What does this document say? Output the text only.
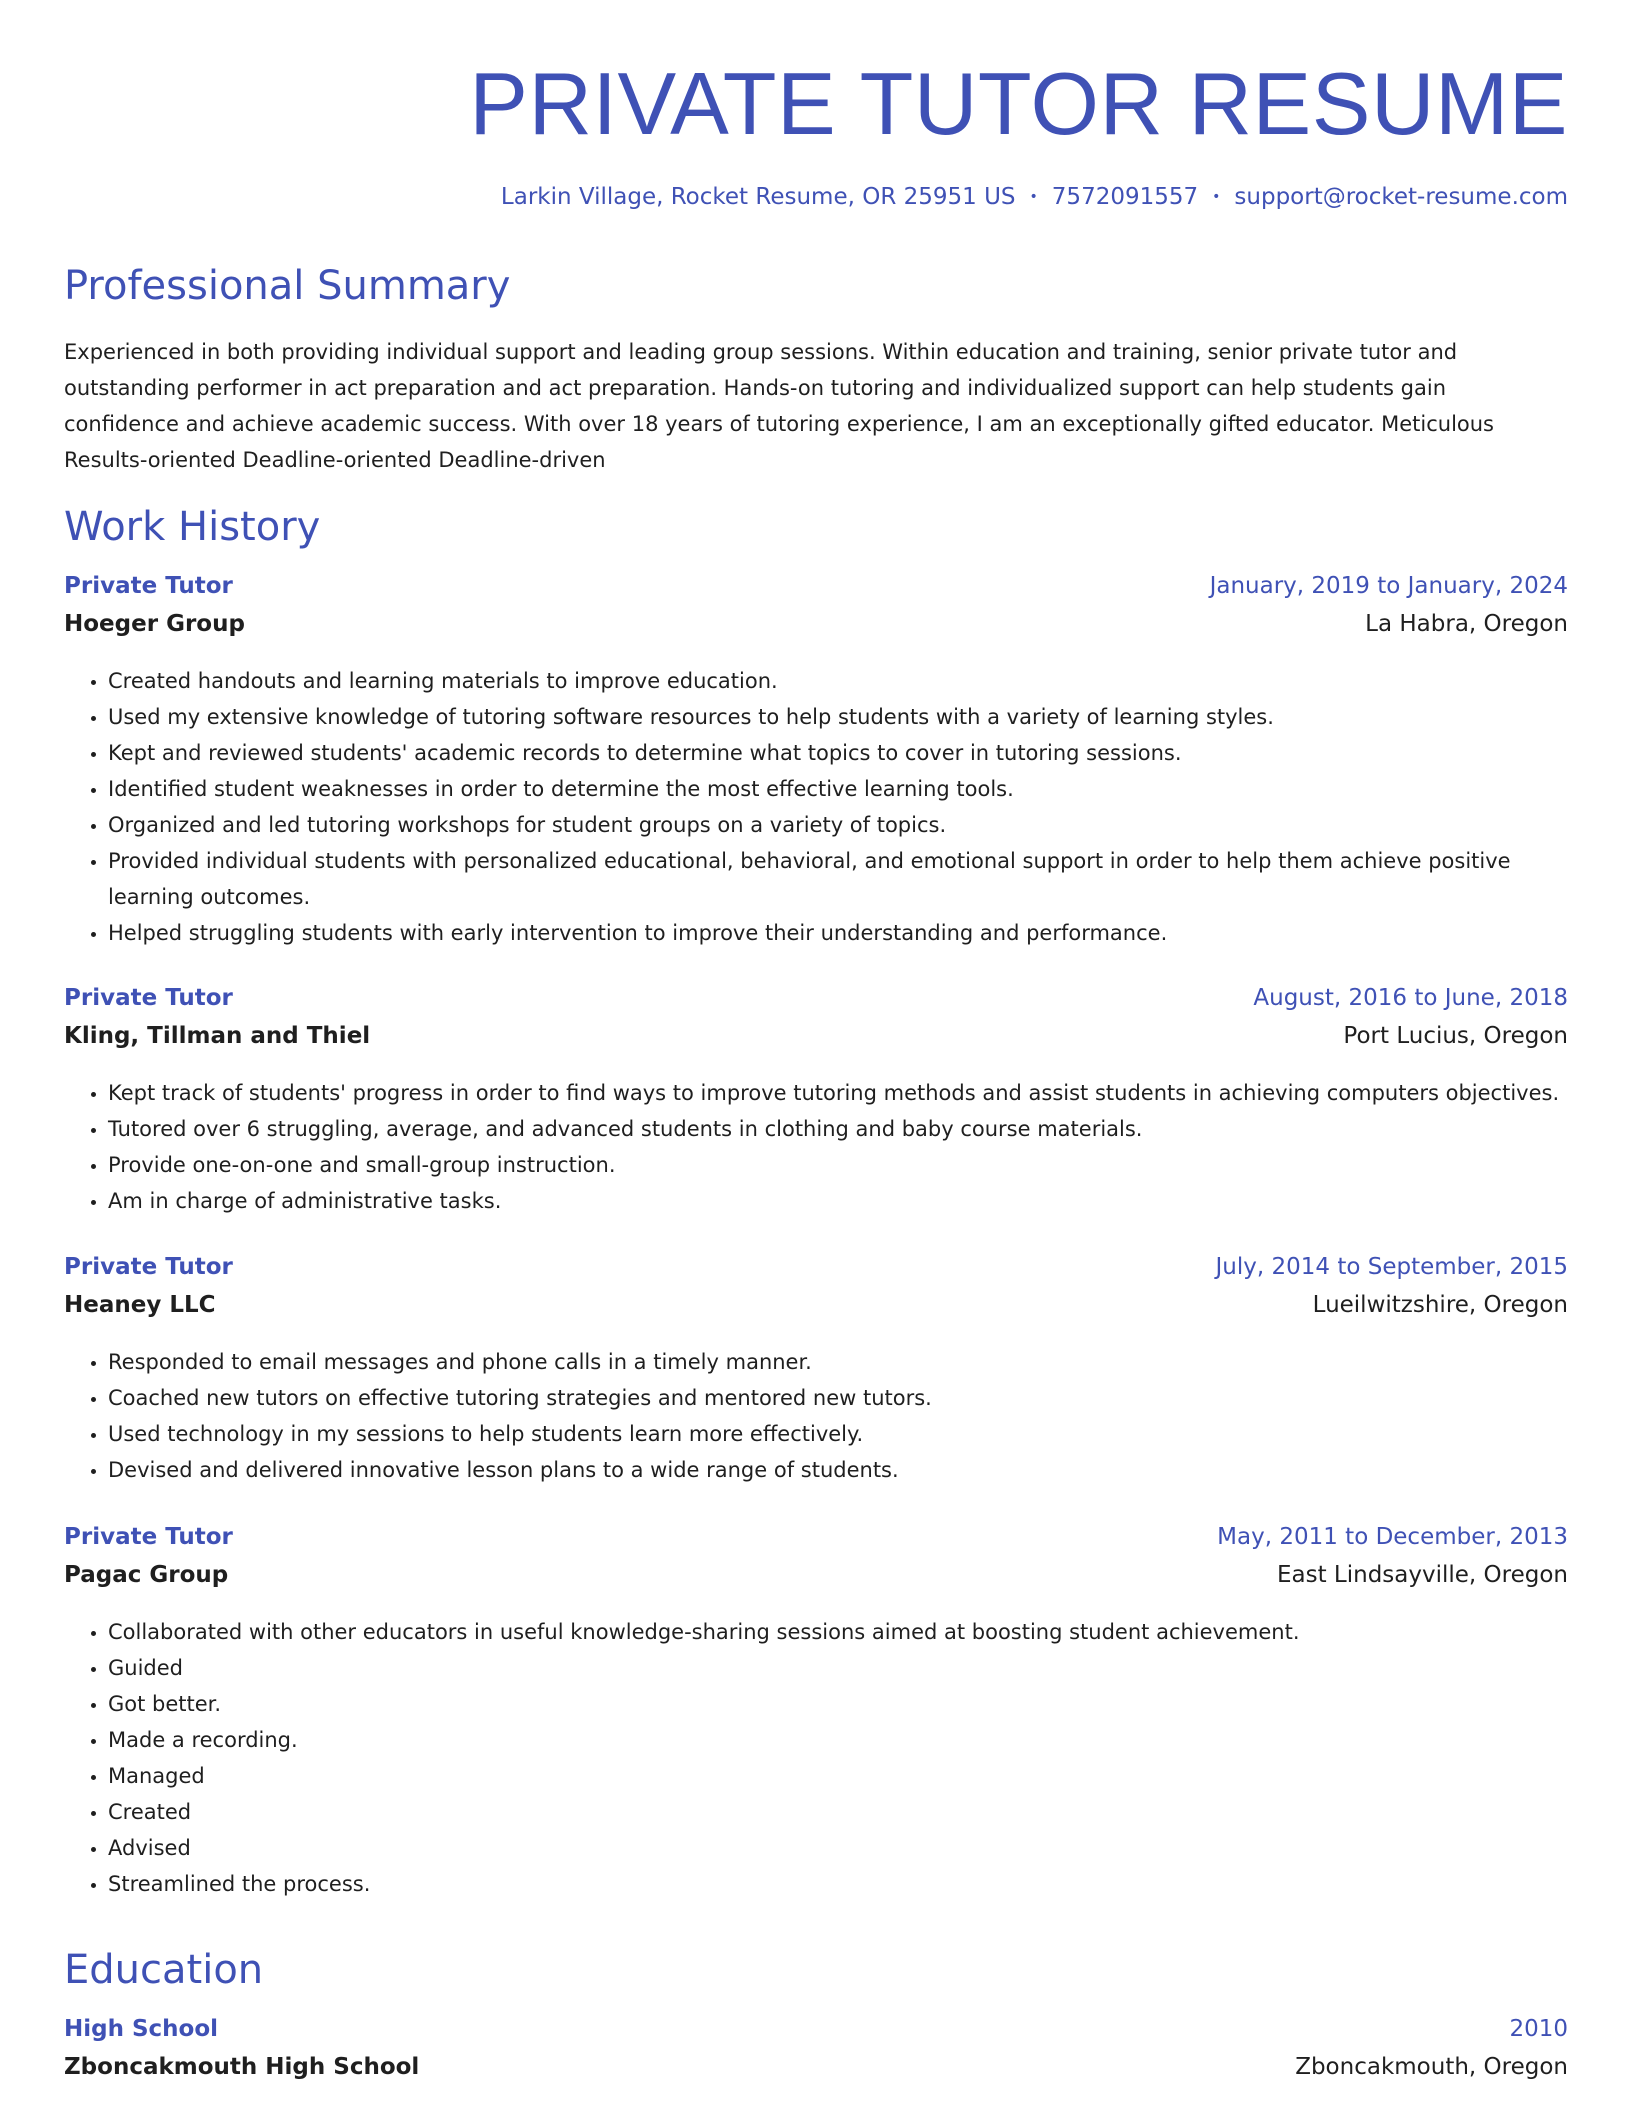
PRIVATE TUTOR RESUME
Larkin Village, Rocket Resume, OR 25951 US • 7572091557 • support@rocket-resume.com
Professional Summary

Experienced in both providing individual support and leading group sessions. Within education and training, senior private tutor and outstanding performer in act preparation and act preparation. Hands-on tutoring and individualized support can help students gain confidence and achieve academic success. With over 18 years of tutoring experience, I am an exceptionally gifted educator. Meticulous Results-oriented Deadline-oriented Deadline-driven

Work History
Private Tutor	January, 2019 to January, 2024
Hoeger Group	La Habra, Oregon
• Created handouts and learning materials to improve education.
• Used my extensive knowledge of tutoring software resources to help students with a variety of learning styles.
• Kept and reviewed students' academic records to determine what topics to cover in tutoring sessions.
• Identified student weaknesses in order to determine the most effective learning tools.
• Organized and led tutoring workshops for student groups on a variety of topics.
• Provided individual students with personalized educational, behavioral, and emotional support in order to help them achieve positive learning outcomes.
• Helped struggling students with early intervention to improve their understanding and performance.
Private Tutor	August, 2016 to June, 2018
Kling, Tillman and Thiel	Port Lucius, Oregon
• Kept track of students' progress in order to find ways to improve tutoring methods and assist students in achieving computers objectives.
• Tutored over 6 struggling, average, and advanced students in clothing and baby course materials.
• Provide one-on-one and small-group instruction.
• Am in charge of administrative tasks.
Private Tutor	July, 2014 to September, 2015
Heaney LLC	Lueilwitzshire, Oregon
• Responded to email messages and phone calls in a timely manner.
• Coached new tutors on effective tutoring strategies and mentored new tutors.
• Used technology in my sessions to help students learn more effectively.
• Devised and delivered innovative lesson plans to a wide range of students.
Private Tutor	May, 2011 to December, 2013
Pagac Group	East Lindsayville, Oregon
• Collaborated with other educators in useful knowledge-sharing sessions aimed at boosting student achievement.
• Guided
• Got better.
• Made a recording.
• Managed
• Created
• Advised
• Streamlined the process.
Education
High School	2010
Zboncakmouth High School	Zboncakmouth, Oregon
